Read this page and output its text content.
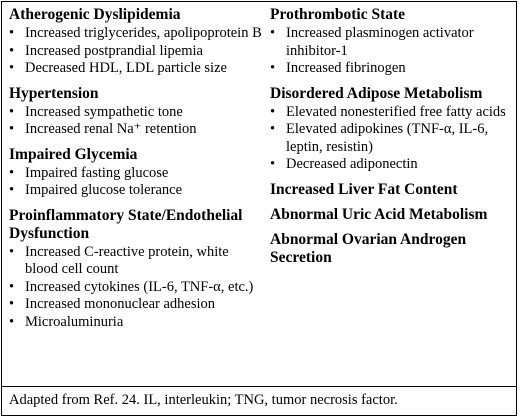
Atherogenic Dyslipidemia
• Increased triglycerides, apolipoprotein B
• Increased postprandial lipemia
• Decreased HDL, LDL particle size
Hypertension
• Increased sympathetic tone
• Increased renal Na⁺ retention
Impaired Glycemia
• Impaired fasting glucose
• Impaired glucose tolerance
Proinflammatory State/Endothelial Dysfunction
• Increased C-reactive protein, white blood cell count
• Increased cytokines (IL-6, TNF-α, etc.)
• Increased mononuclear adhesion
• Microaluminuria
Prothrombotic State
• Increased plasminogen activator inhibitor-1
• Increased fibrinogen
Disordered Adipose Metabolism
• Elevated nonesterified free fatty acids
• Elevated adipokines (TNF-α, IL-6, leptin, resistin)
• Decreased adiponectin
Increased Liver Fat Content
Abnormal Uric Acid Metabolism
Abnormal Ovarian Androgen Secretion
Adapted from Ref. 24. IL, interleukin; TNG, tumor necrosis factor.
